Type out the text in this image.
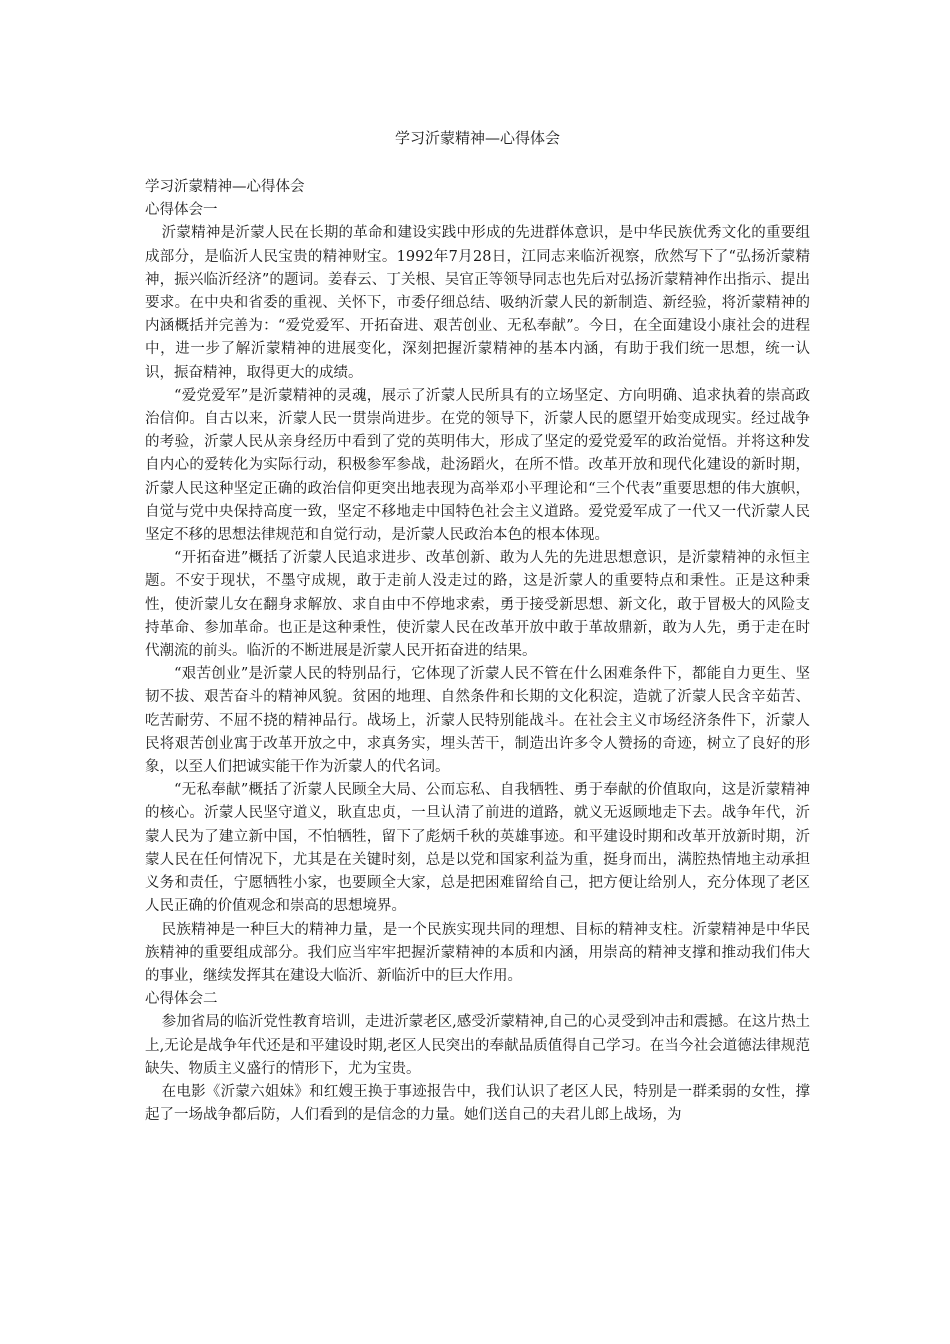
学习沂蒙精神—心得体会

学习沂蒙精神—心得体会

心得体会一

沂蒙精神是沂蒙人民在长期的革命和建设实践中形成的先进群体意识，是中华民族优秀文化的重要组成部分，是临沂人民宝贵的精神财宝。1992年7月28日，江同志来临沂视察，欣然写下了“弘扬沂蒙精神，振兴临沂经济”的题词。姜春云、丁关根、吴官正等领导同志也先后对弘扬沂蒙精神作出指示、提出要求。在中央和省委的重视、关怀下，市委仔细总结、吸纳沂蒙人民的新制造、新经验，将沂蒙精神的内涵概括并完善为：“爱党爱军、开拓奋进、艰苦创业、无私奉献”。今日，在全面建设小康社会的进程中，进一步了解沂蒙精神的进展变化，深刻把握沂蒙精神的基本内涵，有助于我们统一思想，统一认识，振奋精神，取得更大的成绩。

“爱党爱军”是沂蒙精神的灵魂，展示了沂蒙人民所具有的立场坚定、方向明确、追求执着的崇高政治信仰。自古以来，沂蒙人民一贯崇尚进步。在党的领导下，沂蒙人民的愿望开始变成现实。经过战争的考验，沂蒙人民从亲身经历中看到了党的英明伟大，形成了坚定的爱党爱军的政治觉悟。并将这种发自内心的爱转化为实际行动，积极参军参战，赴汤蹈火，在所不惜。改革开放和现代化建设的新时期，沂蒙人民这种坚定正确的政治信仰更突出地表现为高举邓小平理论和“三个代表”重要思想的伟大旗帜，自觉与党中央保持高度一致，坚定不移地走中国特色社会主义道路。爱党爱军成了一代又一代沂蒙人民坚定不移的思想法律规范和自觉行动，是沂蒙人民政治本色的根本体现。

“开拓奋进”概括了沂蒙人民追求进步、改革创新、敢为人先的先进思想意识，是沂蒙精神的永恒主题。不安于现状，不墨守成规，敢于走前人没走过的路，这是沂蒙人的重要特点和秉性。正是这种秉性，使沂蒙儿女在翻身求解放、求自由中不停地求索，勇于接受新思想、新文化，敢于冒极大的风险支持革命、参加革命。也正是这种秉性，使沂蒙人民在改革开放中敢于革故鼎新，敢为人先，勇于走在时代潮流的前头。临沂的不断进展是沂蒙人民开拓奋进的结果。

“艰苦创业”是沂蒙人民的特别品行，它体现了沂蒙人民不管在什么困难条件下，都能自力更生、坚韧不拔、艰苦奋斗的精神风貌。贫困的地理、自然条件和长期的文化积淀，造就了沂蒙人民含辛茹苦、吃苦耐劳、不屈不挠的精神品行。战场上，沂蒙人民特别能战斗。在社会主义市场经济条件下，沂蒙人民将艰苦创业寓于改革开放之中，求真务实，埋头苦干，制造出许多令人赞扬的奇迹，树立了良好的形象，以至人们把诚实能干作为沂蒙人的代名词。

“无私奉献”概括了沂蒙人民顾全大局、公而忘私、自我牺牲、勇于奉献的价值取向，这是沂蒙精神的核心。沂蒙人民坚守道义，耿直忠贞，一旦认清了前进的道路，就义无返顾地走下去。战争年代，沂蒙人民为了建立新中国，不怕牺牲，留下了彪炳千秋的英雄事迹。和平建设时期和改革开放新时期，沂蒙人民在任何情况下，尤其是在关键时刻，总是以党和国家利益为重，挺身而出，满腔热情地主动承担义务和责任，宁愿牺牲小家，也要顾全大家，总是把困难留给自己，把方便让给别人，充分体现了老区人民正确的价值观念和崇高的思想境界。

民族精神是一种巨大的精神力量，是一个民族实现共同的理想、目标的精神支柱。沂蒙精神是中华民族精神的重要组成部分。我们应当牢牢把握沂蒙精神的本质和内涵，用崇高的精神支撑和推动我们伟大的事业，继续发挥其在建设大临沂、新临沂中的巨大作用。

心得体会二

参加省局的临沂党性教育培训，走进沂蒙老区,感受沂蒙精神,自己的心灵受到冲击和震撼。在这片热土上,无论是战争年代还是和平建设时期,老区人民突出的奉献品质值得自己学习。在当今社会道德法律规范缺失、物质主义盛行的情形下，尤为宝贵。

在电影《沂蒙六姐妹》和红嫂王换于事迹报告中，我们认识了老区人民，特别是一群柔弱的女性，撑起了一场战争都后防，人们看到的是信念的力量。她们送自己的夫君儿郎上战场，为
